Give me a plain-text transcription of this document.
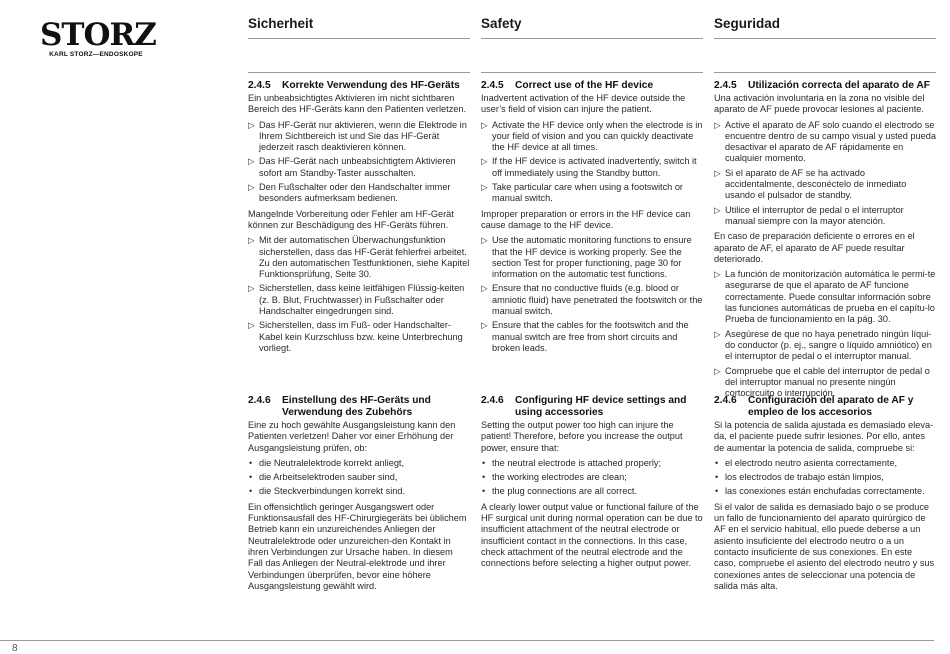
STORZ
KARL STORZ—ENDOSKOPE
Sicherheit
2.4.5	Korrekte Verwendung des HF-Geräts

Ein unbeabsichtigtes Aktivieren im nicht sichtbaren Bereich des HF-Geräts kann den Patienten verletzen.

▷ Das HF-Gerät nur aktivieren, wenn die Elektrode in Ihrem Sichtbereich ist und Sie das HF-Gerät jederzeit rasch deaktivieren können.
▷ Das HF-Gerät nach unbeabsichtigtem Aktivieren sofort am Standby-Taster ausschalten.
▷ Den Fußschalter oder den Handschalter immer besonders aufmerksam bedienen.

Mangelnde Vorbereitung oder Fehler am HF-Gerät können zur Beschädigung des HF-Geräts führen.

▷ Mit der automatischen Überwachungsfunktion sicherstellen, dass das HF-Gerät fehlerfrei arbeitet. Zu den automatischen Testfunktionen, siehe Kapitel Funktionsprüfung, Seite 30.
▷ Sicherstellen, dass keine leitfähigen Flüssig-keiten (z. B. Blut, Fruchtwasser) in Fußschalter oder Handschalter eingedrungen sind.
▷ Sicherstellen, dass im Fuß- oder Handschalter-Kabel kein Kurzschluss bzw. keine Unterbrechung vorliegt.
2.4.6	Einstellung des HF-Geräts und Verwendung des Zubehörs

Eine zu hoch gewählte Ausgangsleistung kann den Patienten verletzen! Daher vor einer Erhöhung der Ausgangsleistung prüfen, ob:

• die Neutralelektrode korrekt anliegt,
• die Arbeitselektroden sauber sind,
• die Steckverbindungen korrekt sind.

Ein offensichtlich geringer Ausgangswert oder Funktionsausfall des HF-Chirurgiegeräts bei üblichem Betrieb kann ein unzureichendes Anliegen der Neutralelektrode oder unzureichen-den Kontakt in ihren Verbindungen zur Ursache haben. In diesem Fall das Anliegen der Neutral-elektrode und ihrer Verbindungen überprüfen, bevor eine höhere Ausgangsleistung gewählt wird.

Safety
2.4.5	Correct use of the HF device

Inadvertent activation of the HF device outside the user’s field of vision can injure the patient.

▷ Activate the HF device only when the electrode is in your field of vision and you can quickly deactivate the HF device at all times.
▷ If the HF device is activated inadvertently, switch it off immediately using the Standby button.
▷ Take particular care when using a footswitch or manual switch.

Improper preparation or errors in the HF device can cause damage to the HF device.

▷ Use the automatic monitoring functions to ensure that the HF device is working properly. See the section Test for proper functioning, page 30 for information on the automatic test functions.
▷ Ensure that no conductive fluids (e.g. blood or amniotic fluid) have penetrated the footswitch or the manual switch.
▷ Ensure that the cables for the footswitch and the manual switch are free from short circuits and broken leads.
2.4.6	Configuring HF device settings and using accessories

Setting the output power too high can injure the patient! Therefore, before you increase the output power, ensure that:

• the neutral electrode is attached properly;
• the working electrodes are clean;
• the plug connections are all correct.

A clearly lower output value or functional failure of the HF surgical unit during normal operation can be due to insufficient attachment of the neutral electrode or insufficient contact in the connections. In this case, check attachment of the neutral electrode and the connections before selecting a higher output power.

Seguridad
2.4.5	Utilización correcta del aparato de AF

Una activación involuntaria en la zona no visible del aparato de AF puede provocar lesiones al paciente.

▷ Active el aparato de AF solo cuando el electrodo se encuentre dentro de su campo visual y usted pueda desactivar el aparato de AF rápidamente en cualquier momento.
▷ Si el aparato de AF se ha activado accidentalmente, desconéctelo de inmediato usando el pulsador de standby.
▷ Utilice el interruptor de pedal o el interruptor manual siempre con la mayor atención.

En caso de preparación deficiente o errores en el aparato de AF, el aparato de AF puede resultar deteriorado.

▷ La función de monitorización automática le permi-te asegurarse de que el aparato de AF funcione correctamente. Puede consultar información sobre las funciones automáticas de prueba en el capítu-lo Prueba de funcionamiento en la pág. 30.
▷ Asegúrese de que no haya penetrado ningún líqui-do conductor (p. ej., sangre o líquido amniótico) en el interruptor de pedal o el interruptor manual.
▷ Compruebe que el cable del interruptor de pedal o del interruptor manual no presente ningún cortocircuito o interrupción.
2.4.6	Configuración del aparato de AF y empleo de los accesorios

Si la potencia de salida ajustada es demasiado eleva-da, el paciente puede sufrir lesiones. Por ello, antes de aumentar la potencia de salida, compruebe si:

• el electrodo neutro asienta correctamente,
• los electrodos de trabajo están limpios,
• las conexiones están enchufadas correctamente.

Si el valor de salida es demasiado bajo o se produce un fallo de funcionamiento del aparato quirúrgico de AF en el servicio habitual, ello puede deberse a un asiento insuficiente del electrodo neutro o a un contacto insuficiente de sus conexiones. En este caso, compruebe el asiento del electrodo neutro y sus conexiones antes de seleccionar una potencia de salida más alta.

8
